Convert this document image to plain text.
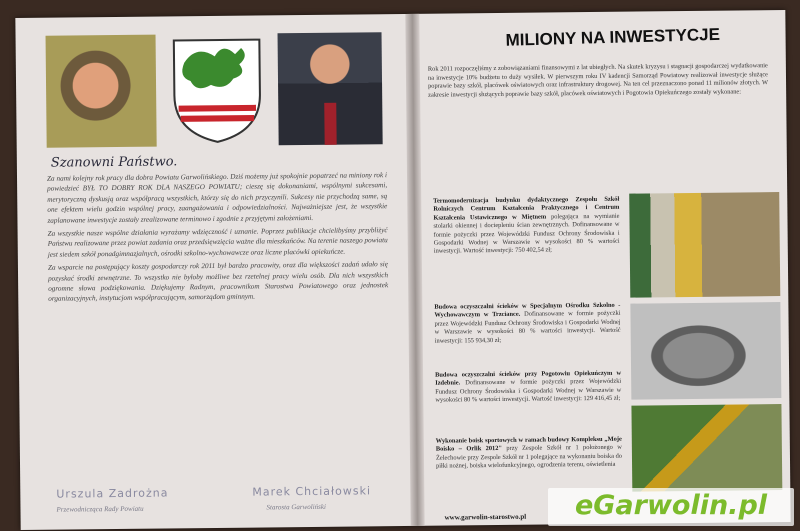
Szanowni Państwo.

Za nami kolejny rok pracy dla dobra Powiatu Garwolińskiego. Dziś możemy już spokojnie popatrzeć na miniony rok i powiedzieć BYŁ TO DOBRY ROK DLA NASZEGO POWIATU; cieszę się dokonaniami, wspólnymi sukcesami, merytoryczną dyskusją oraz współpracą wszystkich, którzy się do nich przyczynili. Sukcesy nie przychodzą same, są one efektem wielu godzin wspólnej pracy, zaangażowania i odpowiedzialności. Najważniejsze jest, że wszystkie zaplanowane inwestycje zostały zrealizowane terminowo i zgodnie z przyjętymi założeniami.

Za wszystkie nasze wspólne działania wyrażamy wdzięczność i uznanie. Poprzez publikacje chcielibyśmy przybliżyć Państwu realizowane przez powiat zadania oraz przedsięwzięcia ważne dla mieszkańców. Na terenie naszego powiatu jest siedem szkół ponadgimnazjalnych, ośrodki szkolno-wychowawcze oraz liczne placówki opiekuńcze.

Za wsparcie na postępujący koszty gospodarczy rok 2011 był bardzo pracowity, oraz dla większości zadań udało się pozyskać środki zewnętrzne. To wszystko nie byłoby możliwe bez rzetelnej pracy wielu osób. Dla nich wszystkich ogromne słowa podziękowania. Dziękujemy Radnym, pracownikom Starostwa Powiatowego oraz jednostek organizacyjnych, instytucjom współpracującym, samorządom gminnym.

Urszula Zadrożna
Przewodnicząca Rady Powiatu
Marek Chciałowski
Starosta Garwoliński
MILIONY NA INWESTYCJE
Rok 2011 rozpoczęliśmy z zobowiązaniami finansowymi z lat ubiegłych. Na skutek kryzysu i stagnacji gospodarczej wydatkowanie na inwestycje 10% budżetu to duży wysiłek. W pierwszym roku IV kadencji Samorząd Powiatowy realizował inwestycje służące poprawie bazy szkół, placówek oświatowych oraz infrastruktury drogowej. Na ten cel przeznaczono ponad 11 milionów złotych. W zakresie inwestycji służących poprawie bazy szkół, placówek oświatowych i Pogotowia Opiekuńczego zostały wykonane:
Termomodernizacja budynku dydaktycznego Zespołu Szkół Rolniczych Centrum Kształcenia Praktycznego i Centrum Kształcenia Ustawicznego w Miętnem polegająca na wymianie stolarki okiennej i dociepleniu ścian zewnętrznych. Dofinansowane w formie pożyczki przez Wojewódzki Fundusz Ochrony Środowiska i Gospodarki Wodnej w Warszawie w wysokości 80 % wartości inwestycji. Wartość inwestycji: 750 402,54 zł;
Budowa oczyszczalni ścieków w Specjalnym Ośrodku Szkolno - Wychowawczym w Trzciance. Dofinansowane w formie pożyczki przez Wojewódzki Fundusz Ochrony Środowiska i Gospodarki Wodnej w Warszawie w wysokości 80 % wartości inwestycji. Wartość inwestycji: 155 934,30 zł;
Budowa oczyszczalni ścieków przy Pogotowiu Opiekuńczym w Izdebnie. Dofinansowane w formie pożyczki przez Wojewódzki Fundusz Ochrony Środowiska i Gospodarki Wodnej w Warszawie w wysokości 80 % wartości inwestycji. Wartość inwestycji: 129 416,45 zł;
Wykonanie boisk sportowych w ramach budowy Kompleksu „Moje Boisko – Orlik 2012" przy Zespole Szkół nr 1 położonego w Żelechowie przy Zespole Szkół nr 1 polegające na wykonaniu boiska do piłki nożnej, boiska wielofunkcyjnego, ogrodzenia terenu, oświetlenia
www.garwolin-starostwo.pl	eGarwolin.pl
